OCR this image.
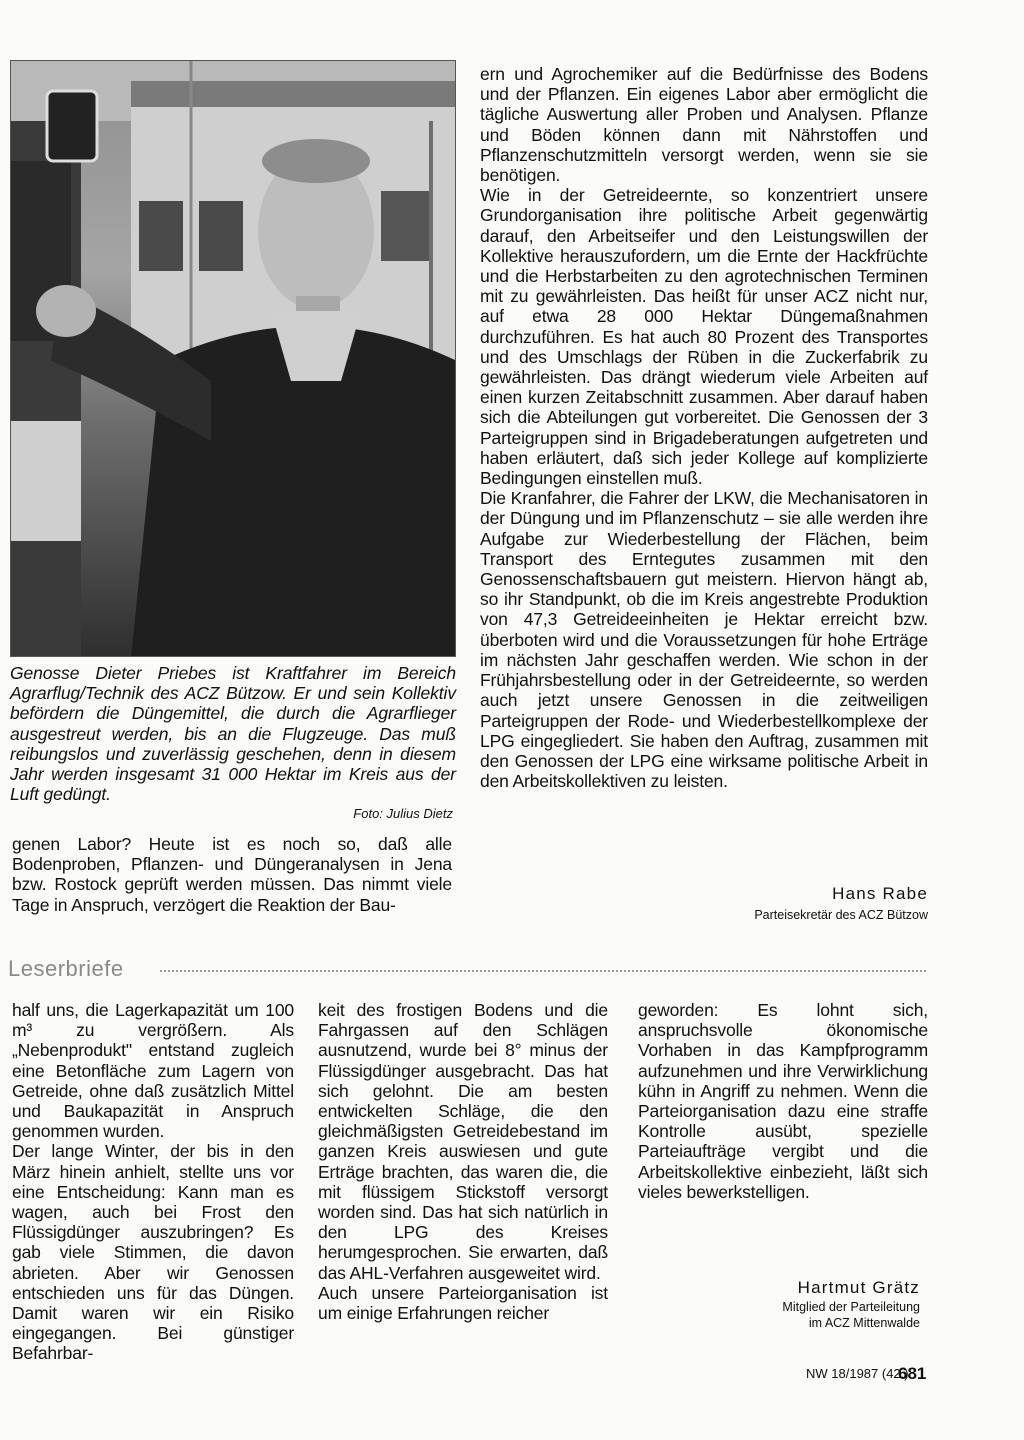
Genosse Dieter Priebes ist Kraftfahrer im Bereich Agrarflug/Technik des ACZ Bützow. Er und sein Kollektiv befördern die Düngemittel, die durch die Agrarflieger ausgestreut werden, bis an die Flugzeuge. Das muß reibungslos und zuverlässig geschehen, denn in diesem Jahr werden insgesamt 31 000 Hektar im Kreis aus der Luft gedüngt.
Foto: Julius Dietz
genen Labor? Heute ist es noch so, daß alle Bodenproben, Pflanzen- und Düngeranalysen in Jena bzw. Rostock geprüft werden müssen. Das nimmt viele Tage in Anspruch, verzögert die Reaktion der Bau-
ern und Agrochemiker auf die Bedürfnisse des Bodens und der Pflanzen. Ein eigenes Labor aber ermöglicht die tägliche Auswertung aller Proben und Analysen. Pflanze und Böden können dann mit Nährstoffen und Pflanzenschutzmitteln versorgt werden, wenn sie sie benötigen.
Wie in der Getreideernte, so konzentriert unsere Grundorganisation ihre politische Arbeit gegenwärtig darauf, den Arbeitseifer und den Leistungswillen der Kollektive herauszufordern, um die Ernte der Hackfrüchte und die Herbstarbeiten zu den agrotechnischen Terminen mit zu gewährleisten. Das heißt für unser ACZ nicht nur, auf etwa 28 000 Hektar Düngemaßnahmen durchzuführen. Es hat auch 80 Prozent des Transportes und des Umschlags der Rüben in die Zuckerfabrik zu gewährleisten. Das drängt wiederum viele Arbeiten auf einen kurzen Zeitabschnitt zusammen. Aber darauf haben sich die Abteilungen gut vorbereitet. Die Genossen der 3 Parteigruppen sind in Brigadeberatungen aufgetreten und haben erläutert, daß sich jeder Kollege auf komplizierte Bedingungen einstellen muß.
Die Kranfahrer, die Fahrer der LKW, die Mechanisatoren in der Düngung und im Pflanzenschutz – sie alle werden ihre Aufgabe zur Wiederbestellung der Flächen, beim Transport des Erntegutes zusammen mit den Genossenschaftsbauern gut meistern. Hiervon hängt ab, so ihr Standpunkt, ob die im Kreis angestrebte Produktion von 47,3 Getreideeinheiten je Hektar erreicht bzw. überboten wird und die Voraussetzungen für hohe Erträge im nächsten Jahr geschaffen werden. Wie schon in der Frühjahrsbestellung oder in der Getreideernte, so werden auch jetzt unsere Genossen in die zeitweiligen Parteigruppen der Rode- und Wiederbestellkomplexe der LPG eingegliedert. Sie haben den Auftrag, zusammen mit den Genossen der LPG eine wirksame politische Arbeit in den Arbeitskollektiven zu leisten.
Hans Rabe
Parteisekretär des ACZ Bützow
Leserbriefe
half uns, die Lagerkapazität um 100 m³ zu vergrößern. Als „Nebenprodukt" entstand zugleich eine Betonfläche zum Lagern von Getreide, ohne daß zusätzlich Mittel und Baukapazität in Anspruch genommen wurden.
Der lange Winter, der bis in den März hinein anhielt, stellte uns vor eine Entscheidung: Kann man es wagen, auch bei Frost den Flüssigdünger auszubringen? Es gab viele Stimmen, die davon abrieten. Aber wir Genossen entschieden uns für das Düngen. Damit waren wir ein Risiko eingegangen. Bei günstiger Befahrbar-
keit des frostigen Bodens und die Fahrgassen auf den Schlägen ausnutzend, wurde bei 8° minus der Flüssigdünger ausgebracht. Das hat sich gelohnt. Die am besten entwickelten Schläge, die den gleichmäßigsten Getreidebestand im ganzen Kreis auswiesen und gute Erträge brachten, das waren die, die mit flüssigem Stickstoff versorgt worden sind. Das hat sich natürlich in den LPG des Kreises herumgesprochen. Sie erwarten, daß das AHL-Verfahren ausgeweitet wird.
Auch unsere Parteiorganisation ist um einige Erfahrungen reicher
geworden: Es lohnt sich, anspruchsvolle ökonomische Vorhaben in das Kampfprogramm aufzunehmen und ihre Verwirklichung kühn in Angriff zu nehmen. Wenn die Parteiorganisation dazu eine straffe Kontrolle ausübt, spezielle Parteiaufträge vergibt und die Arbeitskollektive einbezieht, läßt sich vieles bewerkstelligen.
Hartmut Grätz
Mitglied der Parteileitung
im ACZ Mittenwalde
NW 18/1987 (42.)
681
